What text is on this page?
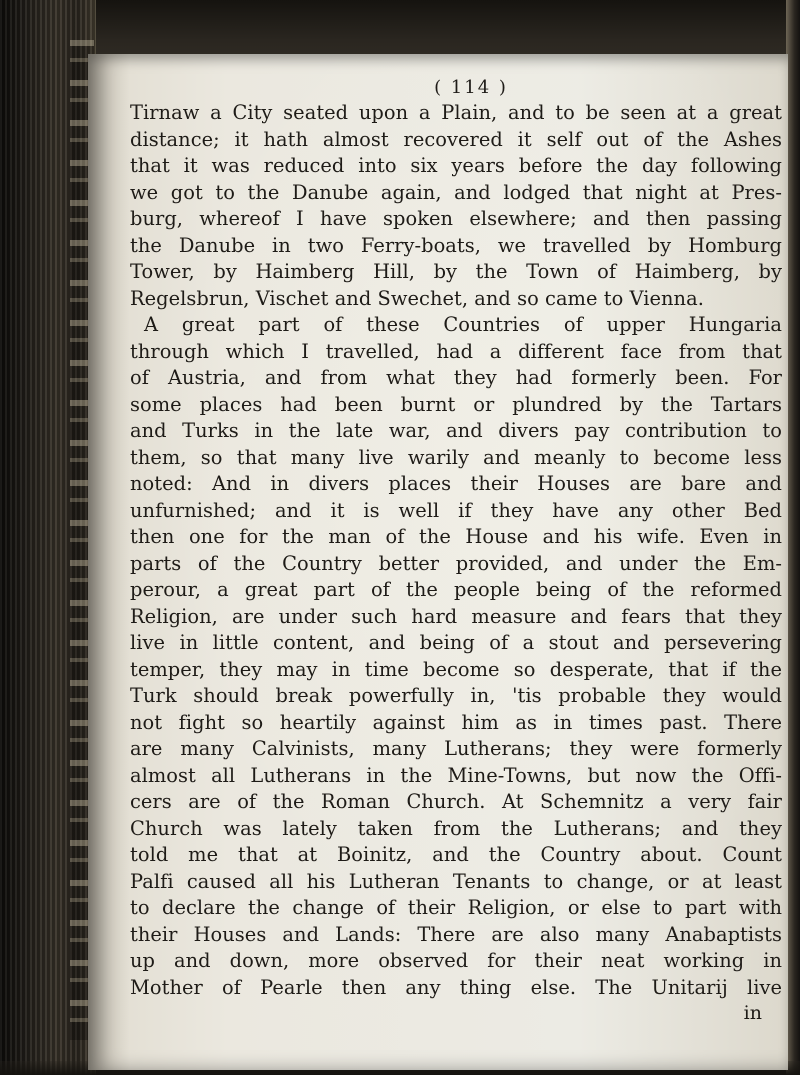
( 114 )
Tirnaw a City seated upon a Plain, and to be seen at a great
distance; it hath almost recovered it self out of the Ashes
that it was reduced into six years before the day following
we got to the Danube again, and lodged that night at Pres-
burg, whereof I have spoken elsewhere; and then passing
the Danube in two Ferry-boats, we travelled by Homburg
Tower, by Haimberg Hill, by the Town of Haimberg, by
Regelsbrun, Vischet and Swechet, and so came to Vienna.
A great part of these Countries of upper Hungaria
through which I travelled, had a different face from that
of Austria, and from what they had formerly been. For
some places had been burnt or plundred by the Tartars
and Turks in the late war, and divers pay contribution to
them, so that many live warily and meanly to become less
noted: And in divers places their Houses are bare and
unfurnished; and it is well if they have any other Bed
then one for the man of the House and his wife. Even in
parts of the Country better provided, and under the Em-
perour, a great part of the people being of the reformed
Religion, are under such hard measure and fears that they
live in little content, and being of a stout and persevering
temper, they may in time become so desperate, that if the
Turk should break powerfully in, 'tis probable they would
not fight so heartily against him as in times past. There
are many Calvinists, many Lutherans; they were formerly
almost all Lutherans in the Mine-Towns, but now the Offi-
cers are of the Roman Church. At Schemnitz a very fair
Church was lately taken from the Lutherans; and they
told me that at Boinitz, and the Country about. Count
Palfi caused all his Lutheran Tenants to change, or at least
to declare the change of their Religion, or else to part with
their Houses and Lands: There are also many Anabaptists
up and down, more observed for their neat working in
Mother of Pearle then any thing else. The Unitarij live
in
